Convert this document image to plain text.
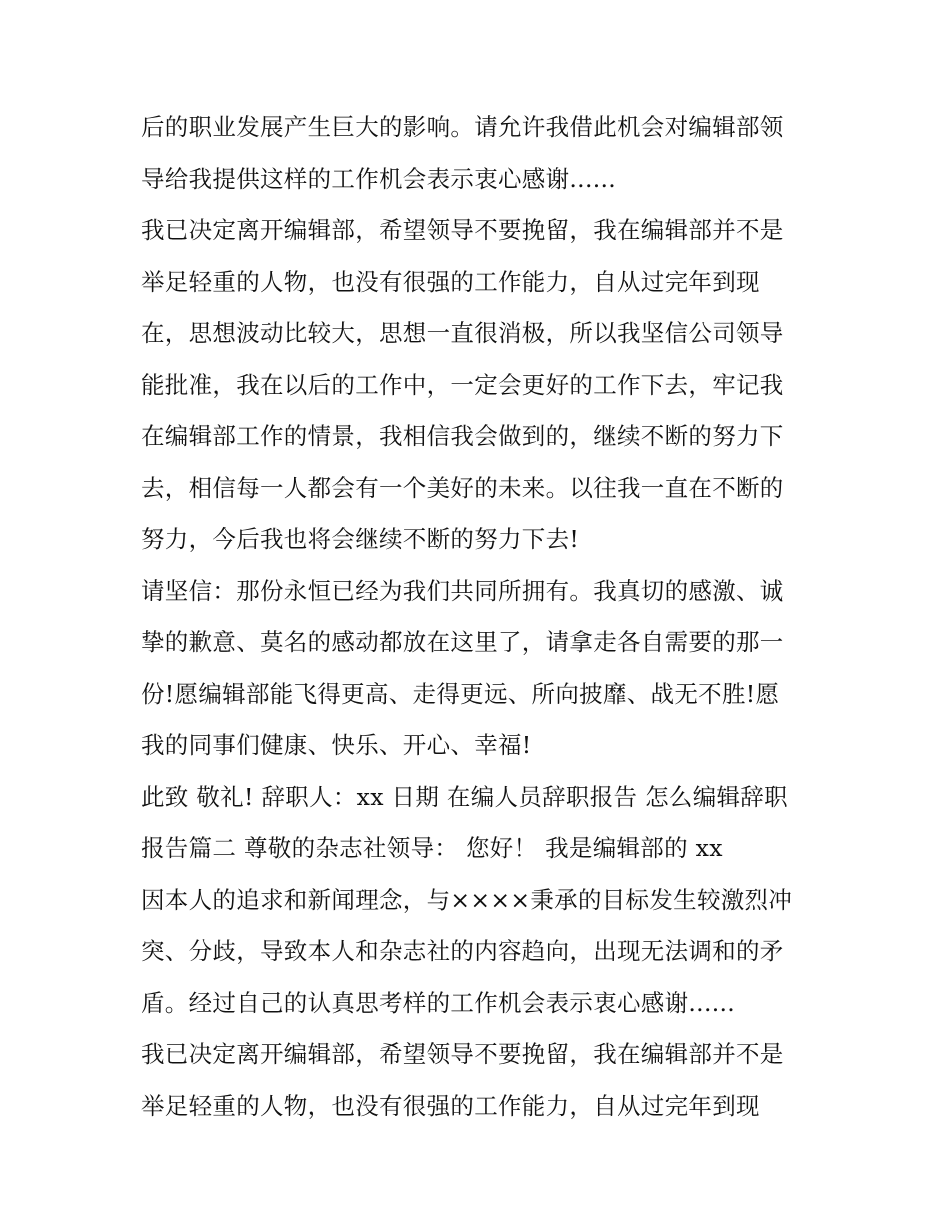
后的职业发展产生巨大的影响。请允许我借此机会对编辑部领
导给我提供这样的工作机会表示衷心感谢......
我已决定离开编辑部，希望领导不要挽留，我在编辑部并不是
举足轻重的人物，也没有很强的工作能力，自从过完年到现
在，思想波动比较大，思想一直很消极，所以我坚信公司领导
能批准，我在以后的工作中，一定会更好的工作下去，牢记我
在编辑部工作的情景，我相信我会做到的，继续不断的努力下
去，相信每一人都会有一个美好的未来。以往我一直在不断的
努力，今后我也将会继续不断的努力下去!
请坚信：那份永恒已经为我们共同所拥有。我真切的感激、诚
挚的歉意、莫名的感动都放在这里了，请拿走各自需要的那一
份!愿编辑部能飞得更高、走得更远、所向披靡、战无不胜!愿
我的同事们健康、快乐、开心、幸福!
此致 敬礼! 辞职人：xx 日期 在编人员辞职报告 怎么编辑辞职
报告篇二 尊敬的杂志社领导： 您好！ 我是编辑部的 xx
因本人的追求和新闻理念，与××××秉承的目标发生较激烈冲
突、分歧，导致本人和杂志社的内容趋向，出现无法调和的矛
盾。经过自己的认真思考样的工作机会表示衷心感谢......
我已决定离开编辑部，希望领导不要挽留，我在编辑部并不是
举足轻重的人物，也没有很强的工作能力，自从过完年到现
